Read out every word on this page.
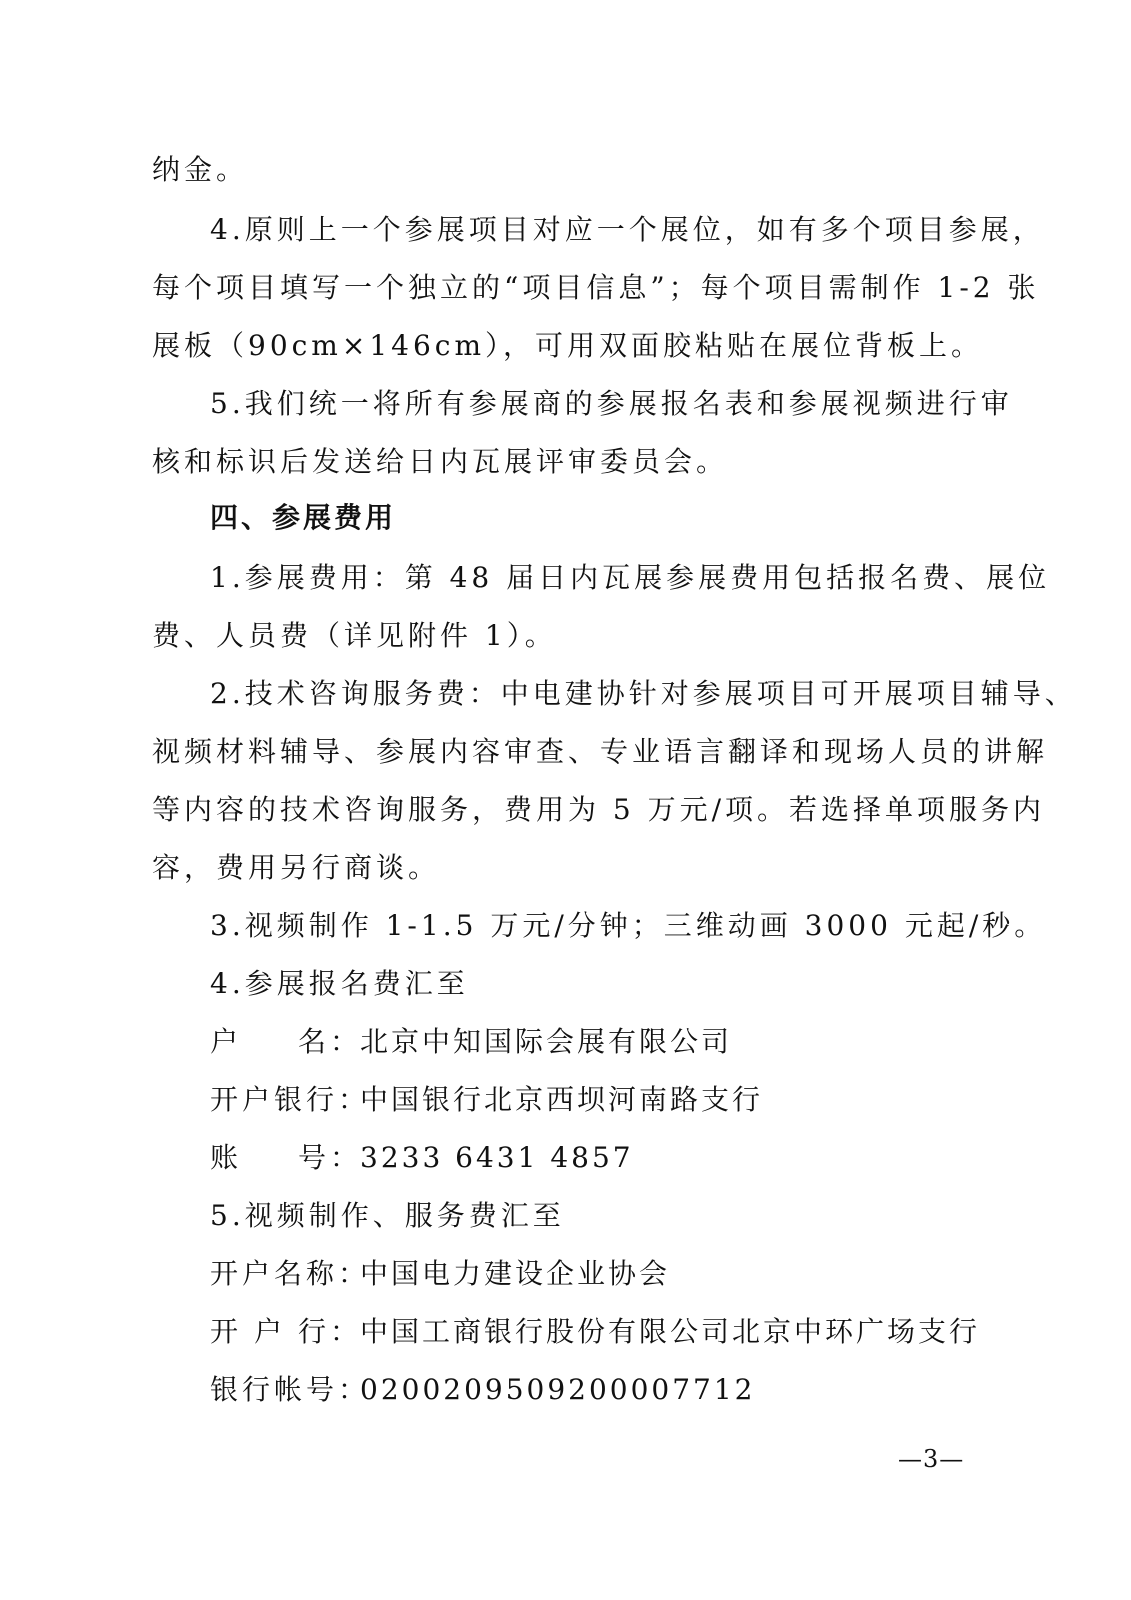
纳金。
4.原则上一个参展项目对应一个展位，如有多个项目参展，
每个项目填写一个独立的“项目信息”；每个项目需制作 1-2 张
展板（90cm×146cm），可用双面胶粘贴在展位背板上。
5.我们统一将所有参展商的参展报名表和参展视频进行审
核和标识后发送给日内瓦展评审委员会。
四、参展费用
1.参展费用：第 48 届日内瓦展参展费用包括报名费、展位
费、人员费（详见附件 1）。
2.技术咨询服务费：中电建协针对参展项目可开展项目辅导、
视频材料辅导、参展内容审查、专业语言翻译和现场人员的讲解
等内容的技术咨询服务，费用为 5 万元/项。若选择单项服务内
容，费用另行商谈。
3.视频制作 1-1.5 万元/分钟；三维动画 3000 元起/秒。
4.参展报名费汇至
户 名：北京中知国际会展有限公司
开户银行：中国银行北京西坝河南路支行
账 号：3233 6431 4857
5.视频制作、服务费汇至
开户名称：中国电力建设企业协会
开 户 行：中国工商银行股份有限公司北京中环广场支行
银行帐号：0200209509200007712
—3—
